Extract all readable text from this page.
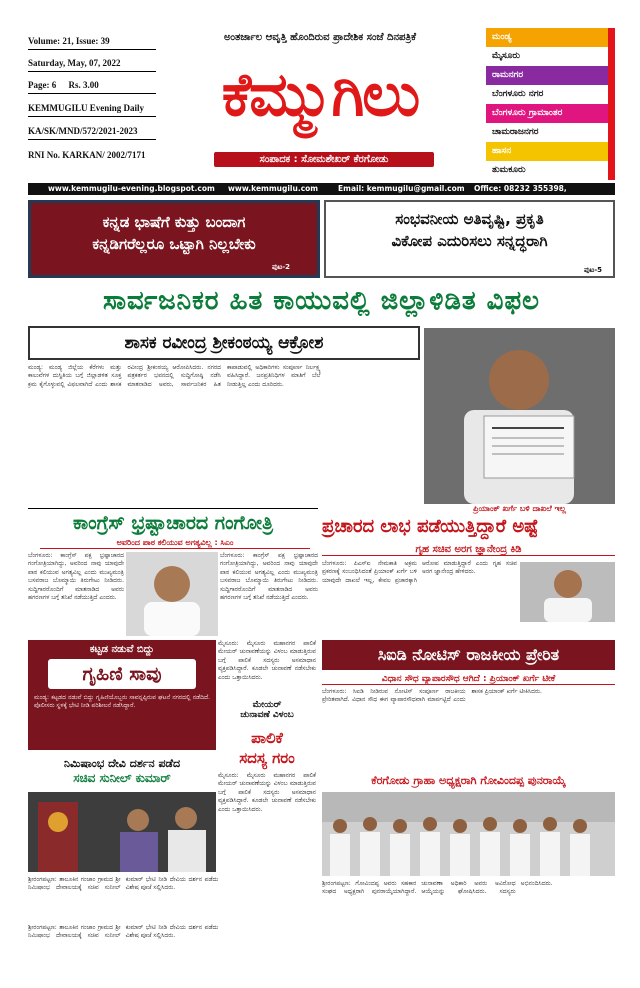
Volume: 21, Issue: 39
Saturday, May, 07, 2022
Page: 6 Rs. 3.00
KEMMUGILU Evening Daily
KA/SK/MND/572/2021-2023
RNI No. KARKAN/ 2002/7171
ಅಂತರ್ಜಾಲ ಆವೃತ್ತಿ ಹೊಂದಿರುವ ಪ್ರಾದೇಶಿಕ ಸಂಜೆ ದಿನಪತ್ರಿಕೆ
ಕೆಮ್ಮುಗಿಲು
ಸಂಪಾದಕ : ಸೋಮಶೇಖರ್ ಕೆರಗೋಡು
ಮಂಡ್ಯ
ಮೈಸೂರು
ರಾಮನಗರ
ಬೆಂಗಳೂರು ನಗರ
ಬೆಂಗಳೂರು ಗ್ರಾಮಾಂತರ
ಚಾಮರಾಜನಗರ
ಹಾಸನ
ತುಮಕೂರು
www.kemmugilu-evening.blogspot.com www.kemmugilu.com	Email: kemmugilu@gmail.com Office: 08232 355398,
ಕನ್ನಡ ಭಾಷೆಗೆ ಕುತ್ತು ಬಂದಾಗ
ಕನ್ನಡಿಗರೆಲ್ಲರೂ ಒಟ್ಟಾಗಿ ನಿಲ್ಲಬೇಕು
ಪುಟ-2
ಸಂಭವನೀಯ ಅತಿವೃಷ್ಟಿ, ಪ್ರಕೃತಿ
ವಿಕೋಪ ಎದುರಿಸಲು ಸನ್ನದ್ಧರಾಗಿ
ಪುಟ-5
ಸಾರ್ವಜನಿಕರ ಹಿತ ಕಾಯುವಲ್ಲಿ ಜಿಲ್ಲಾಳಿಡಿತ ವಿಫಲ
ಶಾಸಕ ರವೀಂದ್ರ ಶ್ರೀಕಂಠಯ್ಯ ಆಕ್ರೋಶ
ಮಂಡ್ಯ: ಮಂಡ್ಯ ಜಿಲ್ಲೆಯ ಕೆರೆಗಳು ಮತ್ತು ಕಾಲುವೆಗಳ ದುಸ್ಥಿತಿಯ ಬಗ್ಗೆ ಜಿಲ್ಲಾಡಳಿತ ಸೂಕ್ತ ಕ್ರಮ ಕೈಗೊಳ್ಳುವಲ್ಲಿ ವಿಫಲವಾಗಿದೆ ಎಂದು ಶಾಸಕ ರವೀಂದ್ರ ಶ್ರೀಕಂಠಯ್ಯ ಆರೋಪಿಸಿದರು. ನಗರದ ಪತ್ರಕರ್ತರ ಭವನದಲ್ಲಿ ಸುದ್ದಿಗೋಷ್ಠಿ ನಡೆಸಿ ಮಾತನಾಡಿದ ಅವರು, ಸಾರ್ವಜನಿಕರ ಹಿತ ಕಾಪಾಡುವಲ್ಲಿ ಅಧಿಕಾರಿಗಳು ಸಂಪೂರ್ಣ ನಿರ್ಲಕ್ಷ್ಯ ವಹಿಸಿದ್ದಾರೆ. ಜನಪ್ರತಿನಿಧಿಗಳ ಮಾತಿಗೆ ಬೆಲೆ ನೀಡುತ್ತಿಲ್ಲ ಎಂದು ದೂರಿದರು.
ಕಾಂಗ್ರೆಸ್ ಭ್ರಷ್ಟಾಚಾರದ ಗಂಗೋತ್ರಿ
ಅವರಿಂದ ಪಾಠ ಕಲಿಯುವ ಅಗತ್ಯವಿಲ್ಲ : ಸಿಎಂ
ಬೆಂಗಳೂರು: ಕಾಂಗ್ರೆಸ್ ಪಕ್ಷ ಭ್ರಷ್ಟಾಚಾರದ ಗಂಗೋತ್ರಿಯಾಗಿದ್ದು, ಅವರಿಂದ ನಾವು ಯಾವುದೇ ಪಾಠ ಕಲಿಯುವ ಅಗತ್ಯವಿಲ್ಲ ಎಂದು ಮುಖ್ಯಮಂತ್ರಿ ಬಸವರಾಜ ಬೊಮ್ಮಾಯಿ ತಿರುಗೇಟು ನೀಡಿದರು. ಸುದ್ದಿಗಾರರೊಂದಿಗೆ ಮಾತನಾಡಿದ ಅವರು ಹಗರಣಗಳ ಬಗ್ಗೆ ತನಿಖೆ ನಡೆಯುತ್ತಿದೆ ಎಂದರು.
ಬೆಂಗಳೂರು: ಕಾಂಗ್ರೆಸ್ ಪಕ್ಷ ಭ್ರಷ್ಟಾಚಾರದ ಗಂಗೋತ್ರಿಯಾಗಿದ್ದು, ಅವರಿಂದ ನಾವು ಯಾವುದೇ ಪಾಠ ಕಲಿಯುವ ಅಗತ್ಯವಿಲ್ಲ ಎಂದು ಮುಖ್ಯಮಂತ್ರಿ ಬಸವರಾಜ ಬೊಮ್ಮಾಯಿ ತಿರುಗೇಟು ನೀಡಿದರು. ಸುದ್ದಿಗಾರರೊಂದಿಗೆ ಮಾತನಾಡಿದ ಅವರು ಹಗರಣಗಳ ಬಗ್ಗೆ ತನಿಖೆ ನಡೆಯುತ್ತಿದೆ ಎಂದರು.
ಪ್ರಿಯಾಂಕ್ ಖರ್ಗೆ ಬಳಿ ದಾಖಲೆ ಇಲ್ಲ
ಪ್ರಚಾರದ ಲಾಭ ಪಡೆಯುತ್ತಿದ್ದಾರೆ ಅಷ್ಟೆ
ಗೃಹ ಸಚಿವ ಅರಗ ಜ್ಞಾನೇಂದ್ರ ಕಿಡಿ
ಬೆಂಗಳೂರು: ಪಿಎಸ್‌ಐ ನೇಮಕಾತಿ ಅಕ್ರಮ ಪ್ರಕರಣಕ್ಕೆ ಸಂಬಂಧಿಸಿದಂತೆ ಪ್ರಿಯಾಂಕ್ ಖರ್ಗೆ ಬಳಿ ಯಾವುದೇ ದಾಖಲೆ ಇಲ್ಲ, ಕೇವಲ ಪ್ರಚಾರಕ್ಕಾಗಿ ಆರೋಪ ಮಾಡುತ್ತಿದ್ದಾರೆ ಎಂದು ಗೃಹ ಸಚಿವ ಅರಗ ಜ್ಞಾನೇಂದ್ರ ಹೇಳಿದರು.
ಕಟ್ಟಡ ನಡುವೆ ಬಿದ್ದು
ಗೃಹಿಣಿ ಸಾವು
ಮಂಡ್ಯ: ಕಟ್ಟಡದ ನಡುವೆ ಬಿದ್ದು ಗೃಹಿಣಿಯೊಬ್ಬರು ಸಾವನ್ನಪ್ಪಿರುವ ಘಟನೆ ನಗರದಲ್ಲಿ ನಡೆದಿದೆ. ಪೊಲೀಸರು ಸ್ಥಳಕ್ಕೆ ಭೇಟಿ ನೀಡಿ ಪರಿಶೀಲನೆ ನಡೆಸಿದ್ದಾರೆ.
ಮೈಸೂರು: ಮೈಸೂರು ಮಹಾನಗರ ಪಾಲಿಕೆ ಮೇಯರ್ ಚುನಾವಣೆಯನ್ನು ವಿಳಂಬ ಮಾಡುತ್ತಿರುವ ಬಗ್ಗೆ ಪಾಲಿಕೆ ಸದಸ್ಯರು ಅಸಮಾಧಾನ ವ್ಯಕ್ತಪಡಿಸಿದ್ದಾರೆ. ಕೂಡಲೇ ಚುನಾವಣೆ ನಡೆಸಬೇಕು ಎಂದು ಒತ್ತಾಯಿಸಿದರು.
ಮೇಯರ್
ಚುನಾವಣೆ ವಿಳಂಬ
ಪಾಲಿಕೆ
ಸದಸ್ಯ ಗರಂ
ಮೈಸೂರು: ಮೈಸೂರು ಮಹಾನಗರ ಪಾಲಿಕೆ ಮೇಯರ್ ಚುನಾವಣೆಯನ್ನು ವಿಳಂಬ ಮಾಡುತ್ತಿರುವ ಬಗ್ಗೆ ಪಾಲಿಕೆ ಸದಸ್ಯರು ಅಸಮಾಧಾನ ವ್ಯಕ್ತಪಡಿಸಿದ್ದಾರೆ. ಕೂಡಲೇ ಚುನಾವಣೆ ನಡೆಸಬೇಕು ಎಂದು ಒತ್ತಾಯಿಸಿದರು.
ಸಿಐಡಿ ನೋಟಿಸ್ ರಾಜಕೀಯ ಪ್ರೇರಿತ
ವಿಧಾನ ಸೌಧ ವ್ಯಾಪಾರಸೌಧ ಆಗಿದೆ : ಪ್ರಿಯಾಂಕ್ ಖರ್ಗೆ ಟೀಕೆ
ಬೆಂಗಳೂರು: ಸಿಐಡಿ ನೀಡಿರುವ ನೋಟಿಸ್ ಸಂಪೂರ್ಣ ರಾಜಕೀಯ ಪ್ರೇರಿತವಾಗಿದೆ. ವಿಧಾನ ಸೌಧ ಈಗ ವ್ಯಾಪಾರಸೌಧವಾಗಿ ಮಾರ್ಪಟ್ಟಿದೆ ಎಂದು ಶಾಸಕ ಪ್ರಿಯಾಂಕ್ ಖರ್ಗೆ ಟೀಕಿಸಿದರು.
ನಿಮಿಷಾಂಭ ದೇವಿ ದರ್ಶನ ಪಡೆದ
ಸಚಿವ ಸುನೀಲ್ ಕುಮಾರ್
ಶ್ರೀರಂಗಪಟ್ಟಣ: ತಾಲೂಕಿನ ಗಂಜಾಂ ಗ್ರಾಮದ ಶ್ರೀ ನಿಮಿಷಾಂಭ ದೇವಾಲಯಕ್ಕೆ ಸಚಿವ ಸುನೀಲ್ ಕುಮಾರ್ ಭೇಟಿ ನೀಡಿ ದೇವಿಯ ದರ್ಶನ ಪಡೆದು ವಿಶೇಷ ಪೂಜೆ ಸಲ್ಲಿಸಿದರು.
ಕೆರಗೋಡು ಗ್ರಾಹಾ ಅಧ್ಯಕ್ಷರಾಗಿ ಗೋವಿಂದಪ್ಪ ಪುನರಾಯ್ಕೆ
ಶ್ರೀರಂಗಪಟ್ಟಣ: ಗೋವಿಂದಪ್ಪ ಅವರು ಸಹಕಾರ ಸಂಘದ ಅಧ್ಯಕ್ಷರಾಗಿ ಪುನರಾಯ್ಕೆಯಾಗಿದ್ದಾರೆ. ಚುನಾವಣಾ ಅಧಿಕಾರಿ ಅವರು ಅವಿರೋಧ ಆಯ್ಕೆಯನ್ನು ಘೋಷಿಸಿದರು. ಸದಸ್ಯರು ಅಭಿನಂದಿಸಿದರು.
ಶ್ರೀರಂಗಪಟ್ಟಣ: ತಾಲೂಕಿನ ಗಂಜಾಂ ಗ್ರಾಮದ ಶ್ರೀ ನಿಮಿಷಾಂಭ ದೇವಾಲಯಕ್ಕೆ ಸಚಿವ ಸುನೀಲ್ ಕುಮಾರ್ ಭೇಟಿ ನೀಡಿ ದೇವಿಯ ದರ್ಶನ ಪಡೆದು ವಿಶೇಷ ಪೂಜೆ ಸಲ್ಲಿಸಿದರು.
